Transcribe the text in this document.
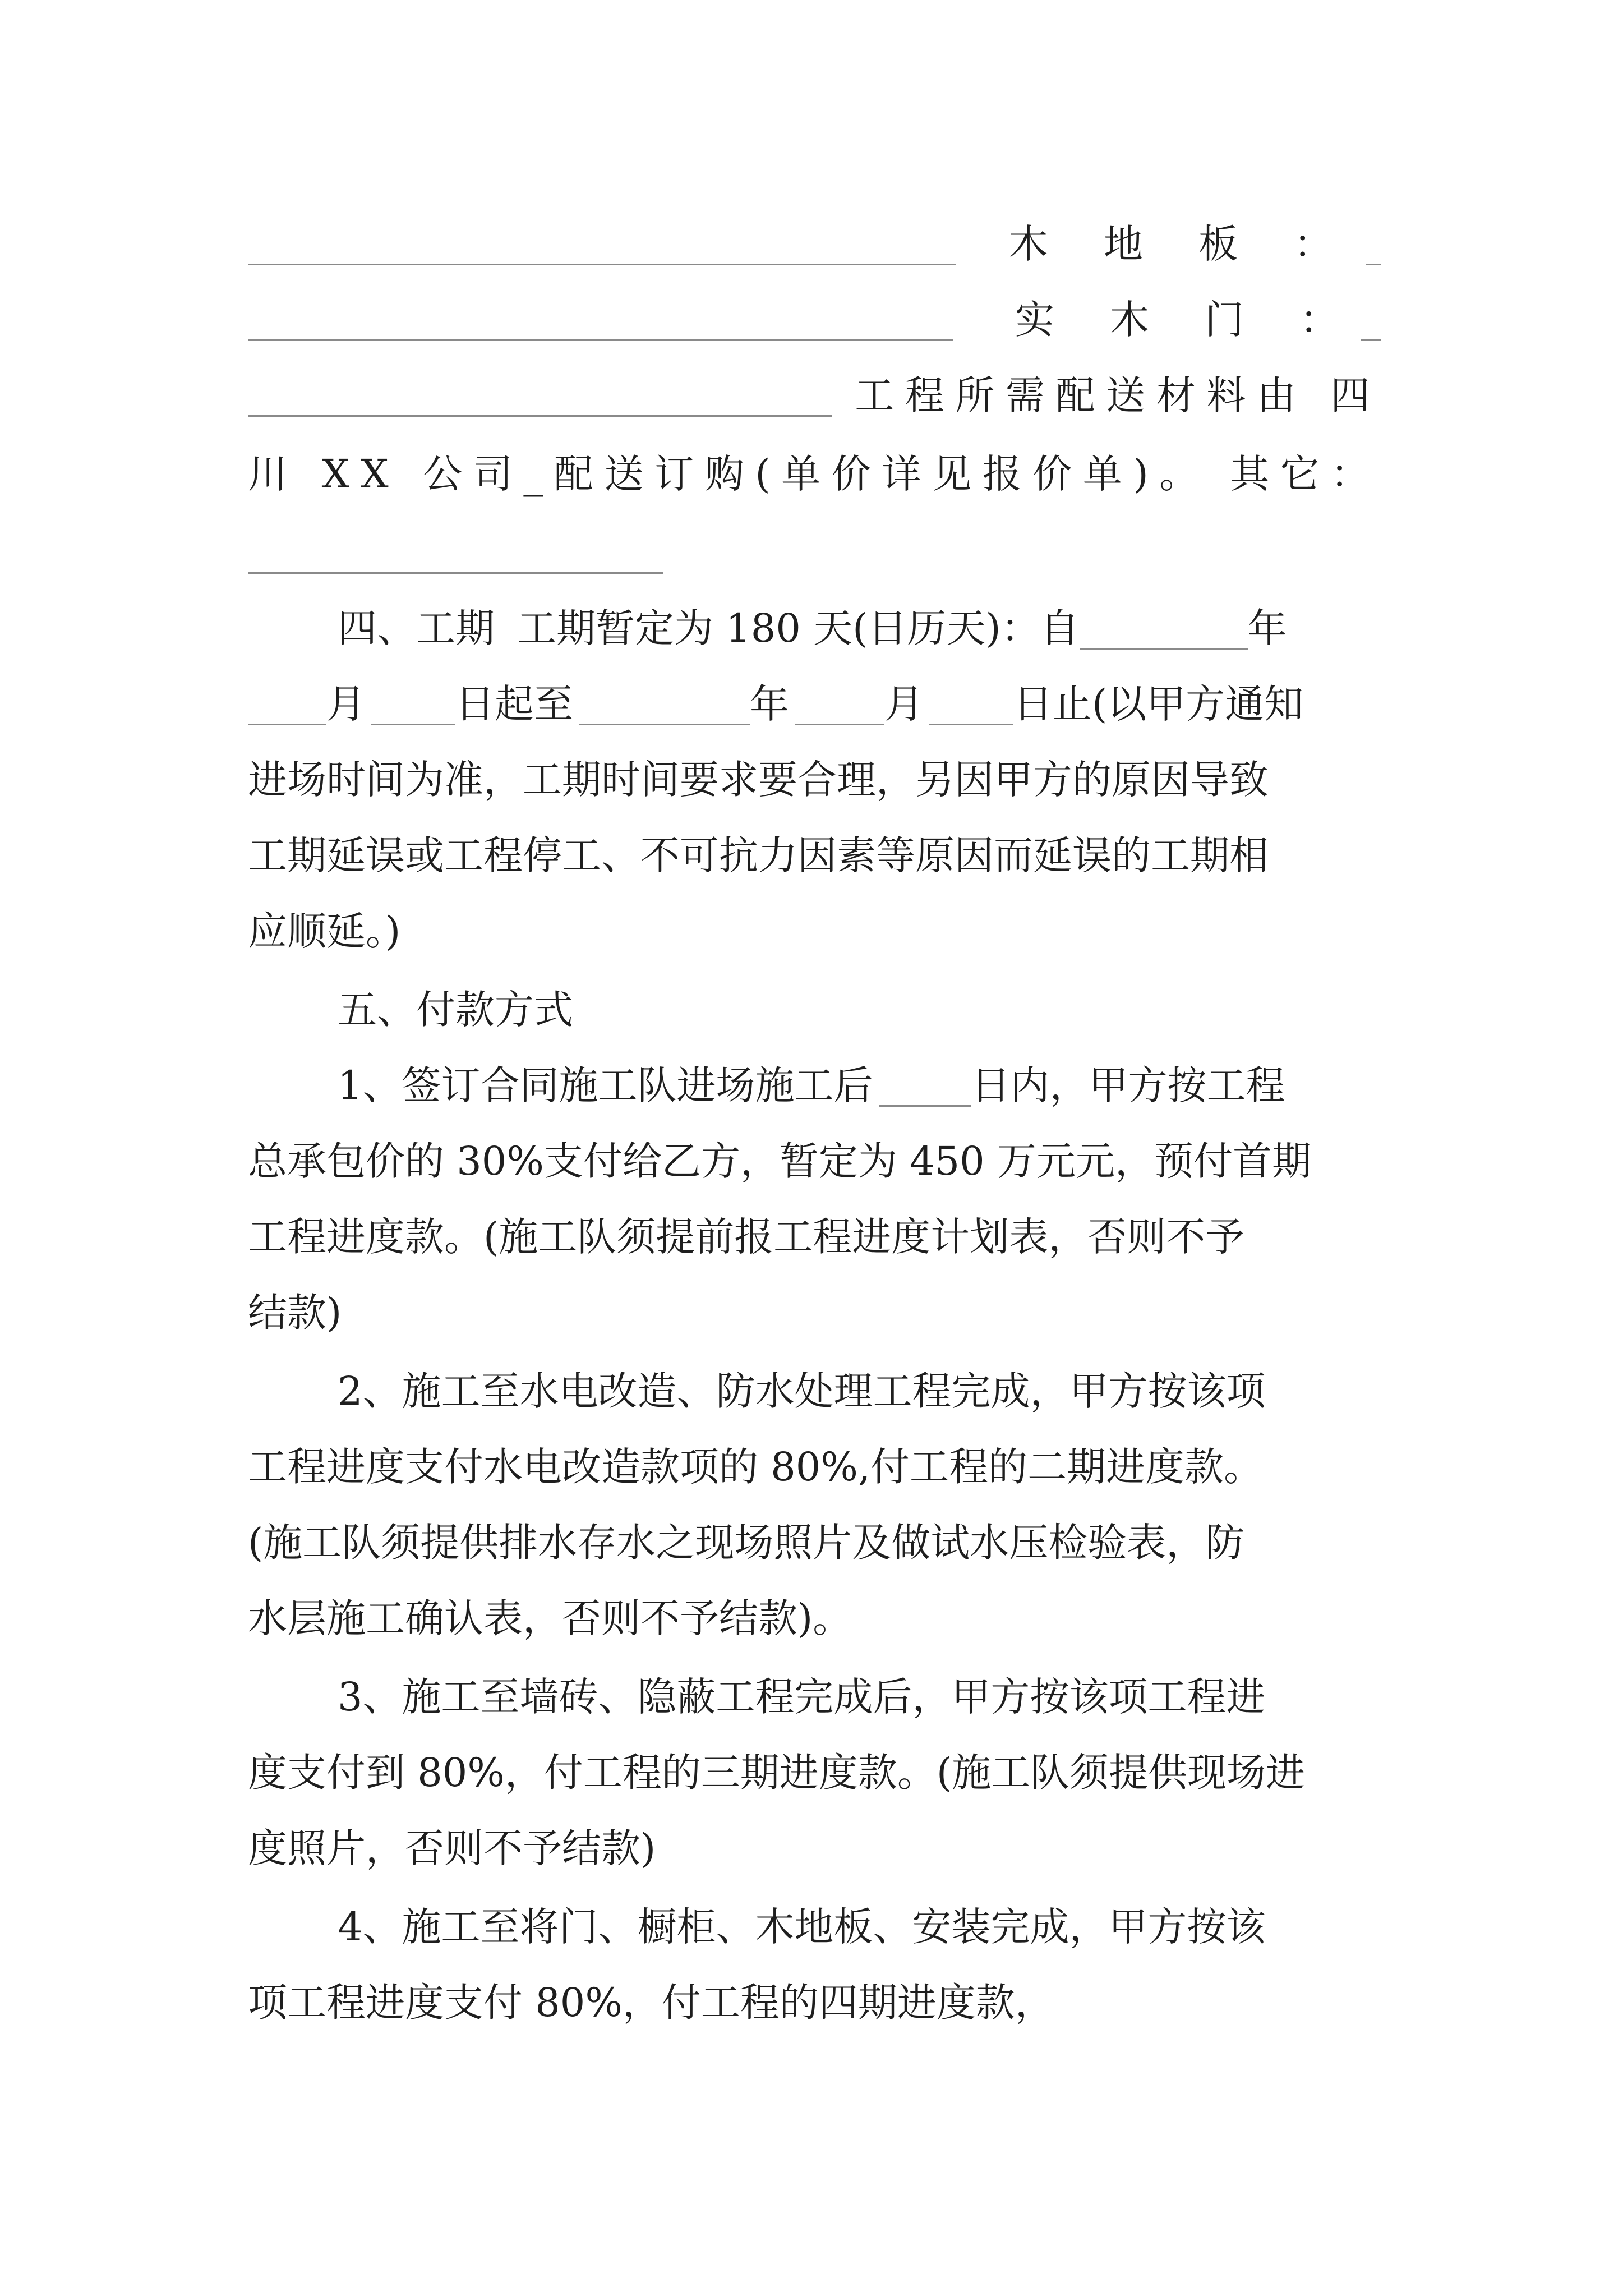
木 地 板 ：
实 木 门 ：
工程所需配送材料由 四
川 XX 公司_配送订购(单价详见报价单)。 其它：
四、工期 工期暂定为 180 天(日历天)：自	年
月 日起至	年 月 日止(以甲方通知
进场时间为准，工期时间要求要合理，另因甲方的原因导致
工期延误或工程停工、不可抗力因素等原因而延误的工期相
应顺延。)
五、付款方式
1、签订合同施工队进场施工后	日内，甲方按工程
总承包价的 30%支付给乙方，暂定为 450 万元元，预付首期
工程进度款。(施工队须提前报工程进度计划表，否则不予
结款)
2、施工至水电改造、防水处理工程完成，甲方按该项
工程进度支付水电改造款项的 80%,付工程的二期进度款。
(施工队须提供排水存水之现场照片及做试水压检验表，防
水层施工确认表，否则不予结款)。
3、施工至墙砖、隐蔽工程完成后，甲方按该项工程进
度支付到 80%，付工程的三期进度款。(施工队须提供现场进
度照片，否则不予结款)
4、施工至将门、橱柜、木地板、安装完成，甲方按该
项工程进度支付 80%，付工程的四期进度款，
